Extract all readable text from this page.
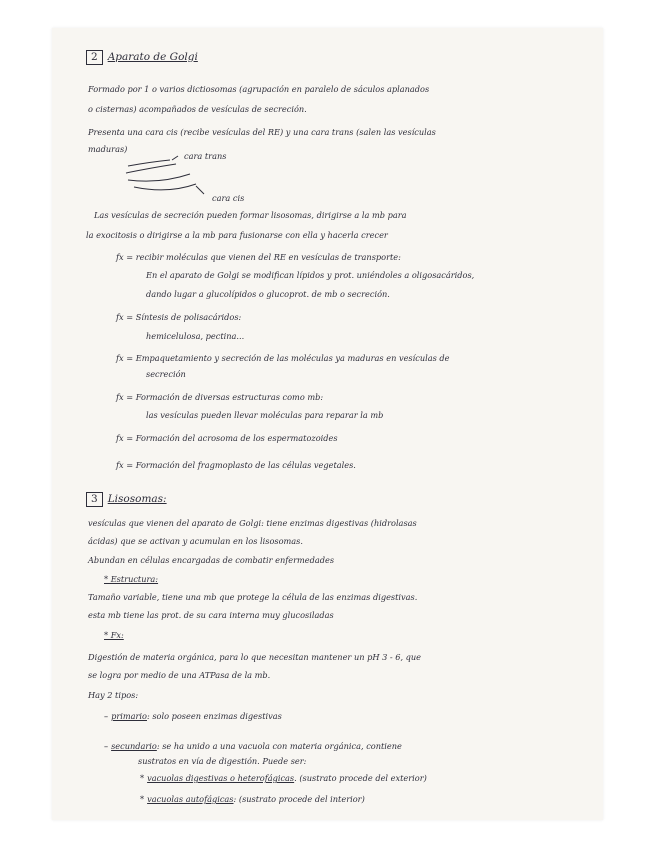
2 Aparato de Golgi
Formado por 1 o varios dictiosomas (agrupación en paralelo de sáculos aplanados
o cisternas) acompañados de vesículas de secreción.
Presenta una cara cis (recibe vesículas del RE) y una cara trans (salen las vesículas
maduras)
cara trans
cara cis
Las vesículas de secreción pueden formar lisosomas, dirigirse a la mb para
la exocitosis o dirigirse a la mb para fusionarse con ella y hacerla crecer
fx = recibir moléculas que vienen del RE en vesículas de transporte:
En el aparato de Golgi se modifican lípidos y prot. uniéndoles a oligosacáridos,
dando lugar a glucolípidos o glucoprot. de mb o secreción.
fx = Síntesis de polisacáridos:
hemicelulosa, pectina...
fx = Empaquetamiento y secreción de las moléculas ya maduras en vesículas de
secreción
fx = Formación de diversas estructuras como mb:
las vesículas pueden llevar moléculas para reparar la mb
fx = Formación del acrosoma de los espermatozoides
fx = Formación del fragmoplasto de las células vegetales.
3 Lisosomas:
vesículas que vienen del aparato de Golgi: tiene enzimas digestivas (hidrolasas
ácidas) que se activan y acumulan en los lisosomas.
Abundan en células encargadas de combatir enfermedades
* Estructura:
Tamaño variable, tiene una mb que protege la célula de las enzimas digestivas.
esta mb tiene las prot. de su cara interna muy glucosiladas
* Fx:
Digestión de materia orgánica, para lo que necesitan mantener un pH 3 - 6, que
se logra por medio de una ATPasa de la mb.
Hay 2 tipos:
– primario: solo poseen enzimas digestivas
– secundario: se ha unido a una vacuola con materia orgánica, contiene
sustratos en vía de digestión. Puede ser:
* vacuolas digestivas o heterofágicas. (sustrato procede del exterior)
* vacuolas autofágicas: (sustrato procede del interior)
